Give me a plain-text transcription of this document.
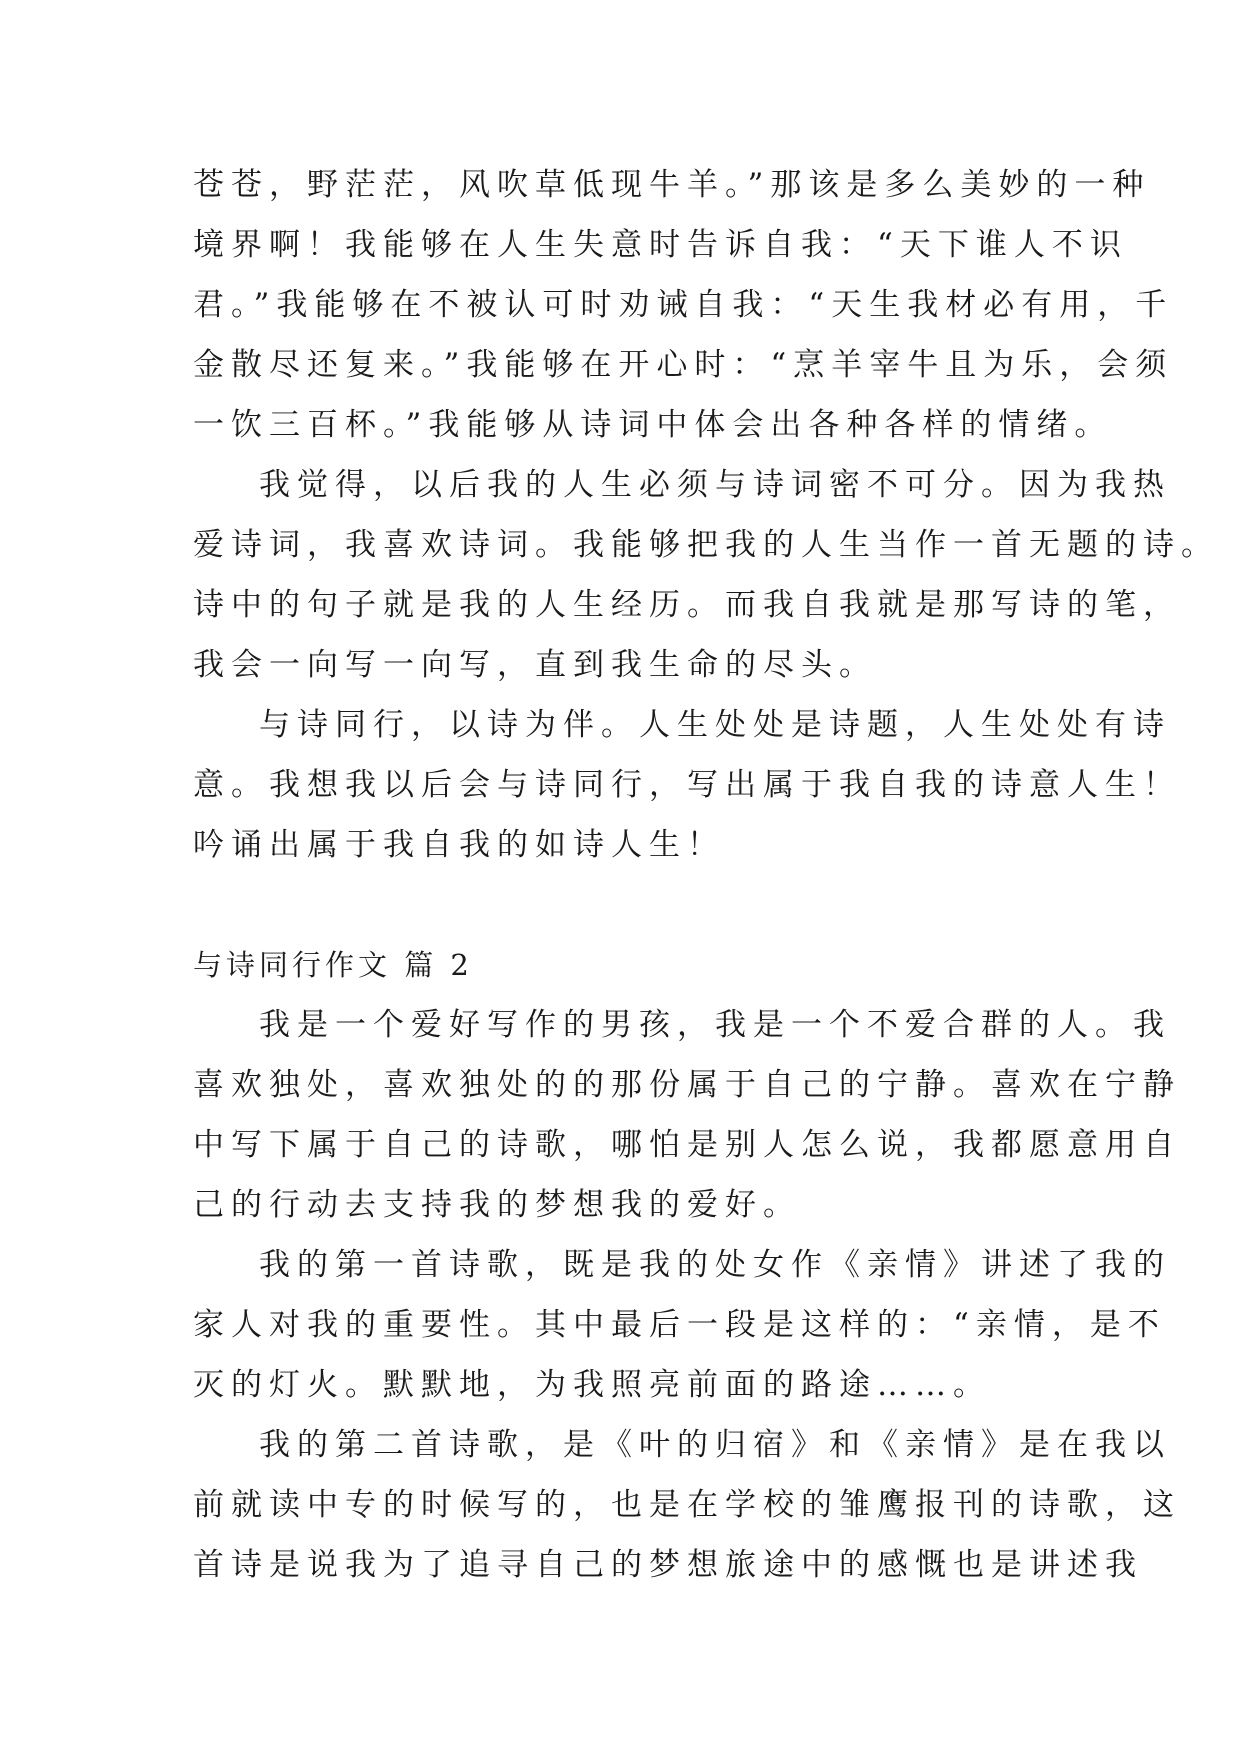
苍苍，野茫茫，风吹草低现牛羊。”那该是多么美妙的一种
境界啊！我能够在人生失意时告诉自我：“天下谁人不识
君。”我能够在不被认可时劝诫自我：“天生我材必有用，千
金散尽还复来。”我能够在开心时：“烹羊宰牛且为乐，会须
一饮三百杯。”我能够从诗词中体会出各种各样的情绪。
我觉得，以后我的人生必须与诗词密不可分。因为我热
爱诗词，我喜欢诗词。我能够把我的人生当作一首无题的诗。
诗中的句子就是我的人生经历。而我自我就是那写诗的笔，
我会一向写一向写，直到我生命的尽头。
与诗同行，以诗为伴。人生处处是诗题，人生处处有诗
意。我想我以后会与诗同行，写出属于我自我的诗意人生！
吟诵出属于我自我的如诗人生！
与诗同行作文 篇 2
我是一个爱好写作的男孩，我是一个不爱合群的人。我
喜欢独处，喜欢独处的的那份属于自己的宁静。喜欢在宁静
中写下属于自己的诗歌，哪怕是别人怎么说，我都愿意用自
己的行动去支持我的梦想我的爱好。
我的第一首诗歌，既是我的处女作《亲情》讲述了我的
家人对我的重要性。其中最后一段是这样的：“亲情，是不
灭的灯火。默默地，为我照亮前面的路途……。
我的第二首诗歌，是《叶的归宿》和《亲情》是在我以
前就读中专的时候写的，也是在学校的雏鹰报刊的诗歌，这
首诗是说我为了追寻自己的梦想旅途中的感慨也是讲述我
